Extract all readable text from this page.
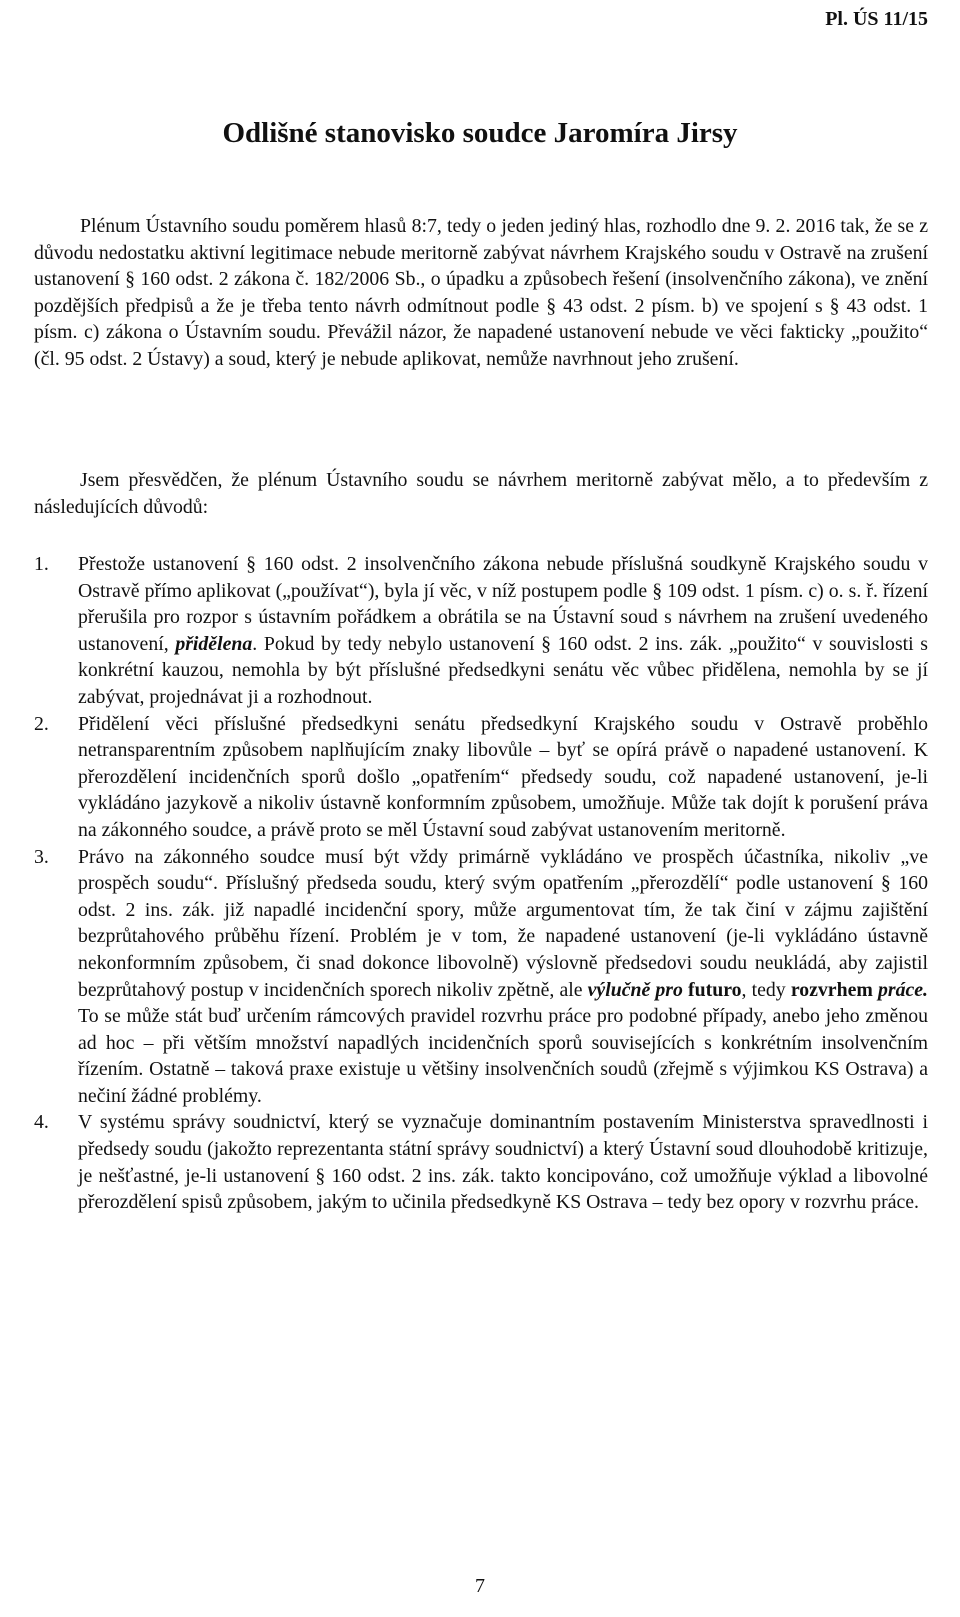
Pl. ÚS 11/15
Odlišné stanovisko soudce Jaromíra Jirsy

Plénum Ústavního soudu poměrem hlasů 8:7, tedy o jeden jediný hlas, rozhodlo dne 9. 2. 2016 tak, že se z důvodu nedostatku aktivní legitimace nebude meritorně zabývat návrhem Krajského soudu v Ostravě na zrušení ustanovení § 160 odst. 2 zákona č. 182/2006 Sb., o úpadku a způsobech řešení (insolvenčního zákona), ve znění pozdějších předpisů a že je třeba tento návrh odmítnout podle § 43 odst. 2 písm. b) ve spojení s § 43 odst. 1 písm. c) zákona o Ústavním soudu. Převážil názor, že napadené ustanovení nebude ve věci fakticky „použito“ (čl. 95 odst. 2 Ústavy) a soud, který je nebude aplikovat, nemůže navrhnout jeho zrušení.

Jsem přesvědčen, že plénum Ústavního soudu se návrhem meritorně zabývat mělo, a to především z následujících důvodů:

1. Přestože ustanovení § 160 odst. 2 insolvenčního zákona nebude příslušná soudkyně Krajského soudu v Ostravě přímo aplikovat („používat“), byla jí věc, v níž postupem podle § 109 odst. 1 písm. c) o. s. ř. řízení přerušila pro rozpor s ústavním pořádkem a obrátila se na Ústavní soud s návrhem na zrušení uvedeného ustanovení, přidělena. Pokud by tedy nebylo ustanovení § 160 odst. 2 ins. zák. „použito“ v souvislosti s konkrétní kauzou, nemohla by být příslušné předsedkyni senátu věc vůbec přidělena, nemohla by se jí zabývat, projednávat ji a rozhodnout.
2. Přidělení věci příslušné předsedkyni senátu předsedkyní Krajského soudu v Ostravě proběhlo netransparentním způsobem naplňujícím znaky libovůle – byť se opírá právě o napadené ustanovení. K přerozdělení incidenčních sporů došlo „opatřením“ předsedy soudu, což napadené ustanovení, je-li vykládáno jazykově a nikoliv ústavně konformním způsobem, umožňuje. Může tak dojít k porušení práva na zákonného soudce, a právě proto se měl Ústavní soud zabývat ustanovením meritorně.
3. Právo na zákonného soudce musí být vždy primárně vykládáno ve prospěch účastníka, nikoliv „ve prospěch soudu“. Příslušný předseda soudu, který svým opatřením „přerozdělí“ podle ustanovení § 160 odst. 2 ins. zák. již napadlé incidenční spory, může argumentovat tím, že tak činí v zájmu zajištění bezprůtahového průběhu řízení. Problém je v tom, že napadené ustanovení (je-li vykládáno ústavně nekonformním způsobem, či snad dokonce libovolně) výslovně předsedovi soudu neukládá, aby zajistil bezprůtahový postup v incidenčních sporech nikoliv zpětně, ale výlučně pro futuro, tedy rozvrhem práce. To se může stát buď určením rámcových pravidel rozvrhu práce pro podobné případy, anebo jeho změnou ad hoc – při větším množství napadlých incidenčních sporů souvisejících s konkrétním insolvenčním řízením. Ostatně – taková praxe existuje u většiny insolvenčních soudů (zřejmě s výjimkou KS Ostrava) a nečiní žádné problémy.
4. V systému správy soudnictví, který se vyznačuje dominantním postavením Ministerstva spravedlnosti i předsedy soudu (jakožto reprezentanta státní správy soudnictví) a který Ústavní soud dlouhodobě kritizuje, je nešťastné, je-li ustanovení § 160 odst. 2 ins. zák. takto koncipováno, což umožňuje výklad a libovolné přerozdělení spisů způsobem, jakým to učinila předsedkyně KS Ostrava – tedy bez opory v rozvrhu práce.
7
